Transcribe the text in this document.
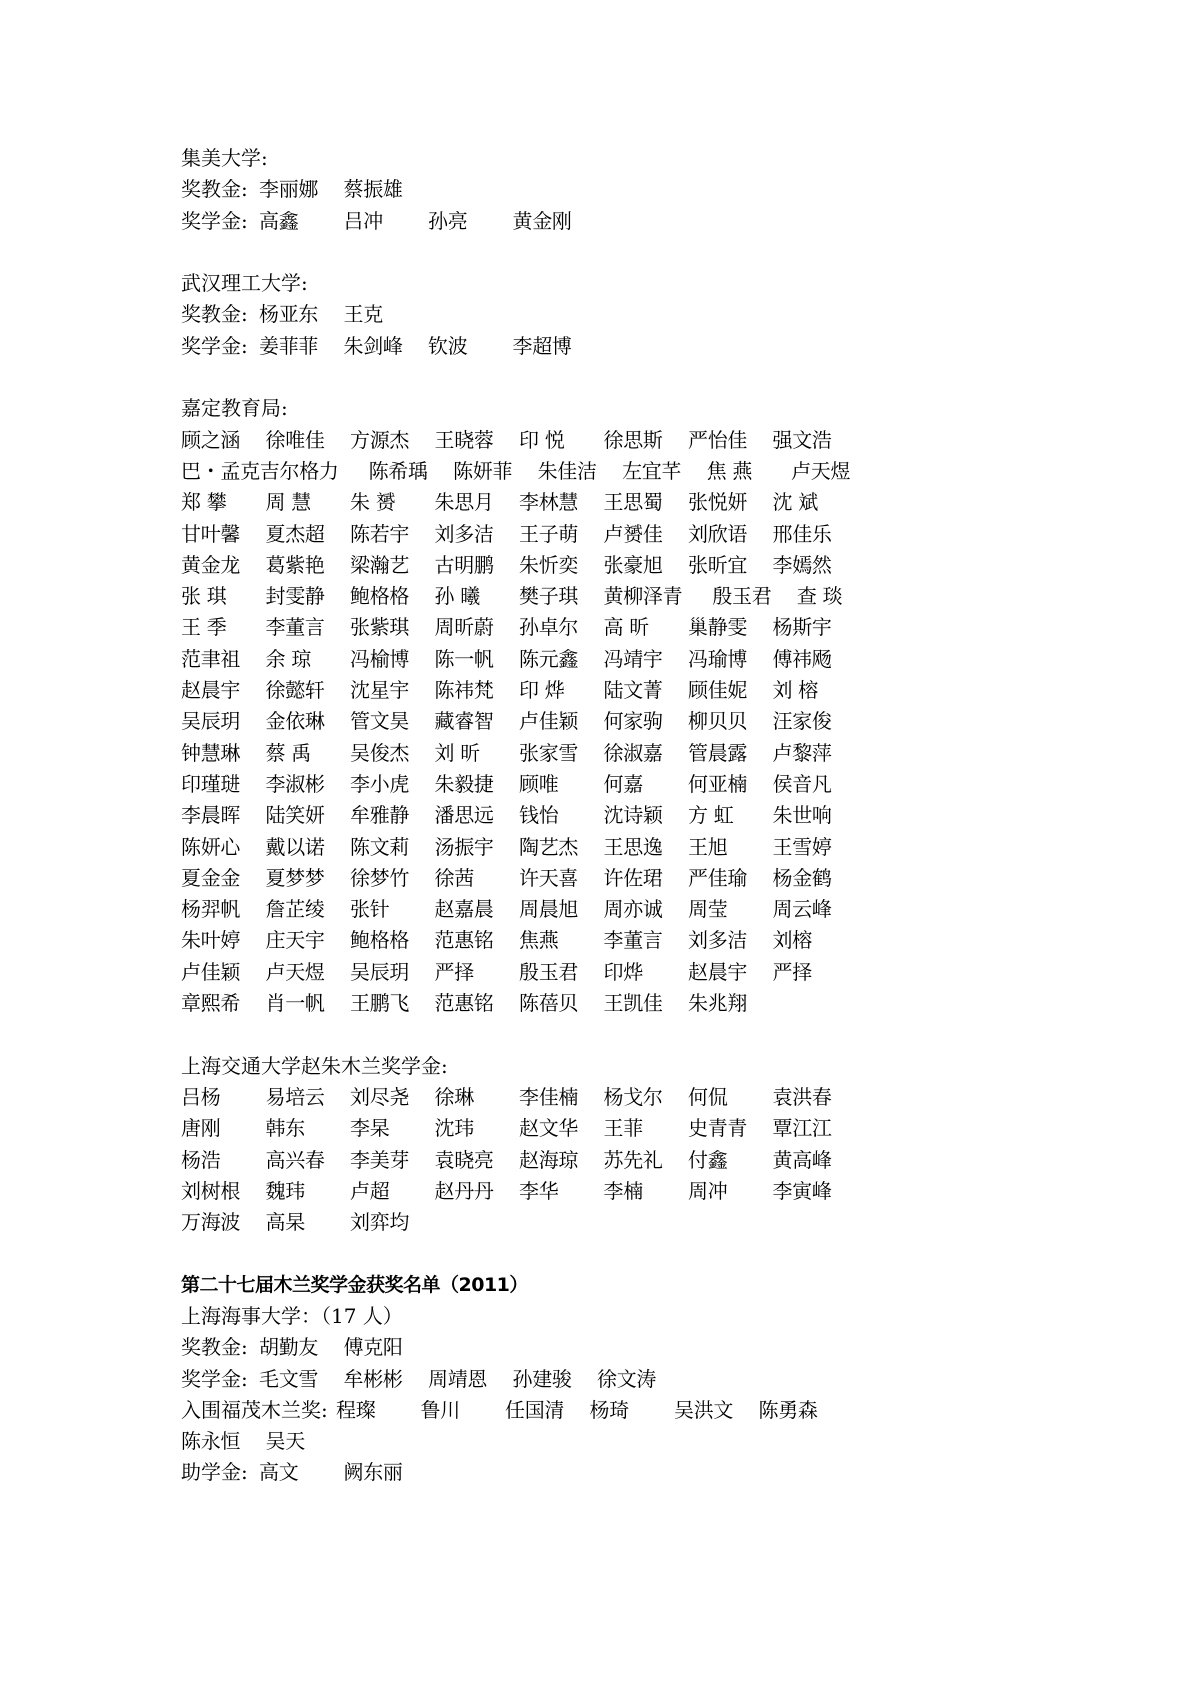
集美大学:
奖教金: 李丽娜 蔡振雄
奖学金: 高鑫 吕冲 孙亮 黄金刚
武汉理工大学:
奖教金: 杨亚东 王克
奖学金: 姜菲菲 朱剑峰 钦波 李超博
嘉定教育局:
顾之涵 徐唯佳 方源杰 王晓蓉 印 悦 徐思斯 严怡佳 强文浩
巴・孟克吉尔格力 陈希瑀 陈妍菲 朱佳洁 左宜芊 焦 燕 卢天煜
郑 攀 周 慧 朱 赟 朱思月 李林慧 王思蜀 张悦妍 沈 斌
甘叶馨 夏杰超 陈若宇 刘多洁 王子萌 卢赟佳 刘欣语 邢佳乐
黄金龙 葛紫艳 梁瀚艺 古明鹏 朱忻奕 张豪旭 张昕宜 李嫣然
张 琪 封雯静 鲍格格 孙 曦 樊子琪 黄柳泽青 殷玉君 查 琰
王 季 李董言 张紫琪 周昕蔚 孙卓尔 高 昕 巢静雯 杨斯宇
范聿祖 余 琼 冯榆博 陈一帆 陈元鑫 冯靖宇 冯瑜博 傅祎飏
赵晨宇 徐懿轩 沈星宇 陈祎梵 印 烨 陆文菁 顾佳妮 刘 榕
吴辰玥 金依琳 管文昊 藏睿智 卢佳颖 何家驹 柳贝贝 汪家俊
钟慧琳 蔡 禹 吴俊杰 刘 昕 张家雪 徐淑嘉 管晨露 卢黎萍
印瑾琎 李淑彬 李小虎 朱毅捷 顾唯 何嘉 何亚楠 侯音凡
李晨晖 陆笑妍 牟雅静 潘思远 钱怡 沈诗颖 方 虹 朱世响
陈妍心 戴以诺 陈文莉 汤振宇 陶艺杰 王思逸 王旭 王雪婷
夏金金 夏梦梦 徐梦竹 徐茜 许天喜 许佐珺 严佳瑜 杨金鹤
杨羿帆 詹芷绫 张针 赵嘉晨 周晨旭 周亦诚 周莹 周云峰
朱叶婷 庄天宇 鲍格格 范惠铭 焦燕 李董言 刘多洁 刘榕
卢佳颖 卢天煜 吴辰玥 严择 殷玉君 印烨 赵晨宇 严择
章熙希 肖一帆 王鹏飞 范惠铭 陈蓓贝 王凯佳 朱兆翔
上海交通大学赵朱木兰奖学金:
吕杨 易培云 刘尽尧 徐琳 李佳楠 杨戈尔 何侃 袁洪春
唐刚 韩东 李杲 沈玮 赵文华 王菲 史青青 覃江江
杨浩 高兴春 李美芽 袁晓亮 赵海琼 苏先礼 付鑫 黄高峰
刘树根 魏玮 卢超 赵丹丹 李华 李楠 周冲 李寅峰
万海波 高杲 刘弈均
第二十七届木兰奖学金获奖名单（2011）
上海海事大学：（17 人）
奖教金: 胡勤友 傅克阳
奖学金: 毛文雪 牟彬彬 周靖恩 孙建骏 徐文涛
入围福茂木兰奖: 程璨 鲁川 任国清 杨琦 吴洪文 陈勇森
陈永恒 吴天
助学金: 高文 阙东丽
